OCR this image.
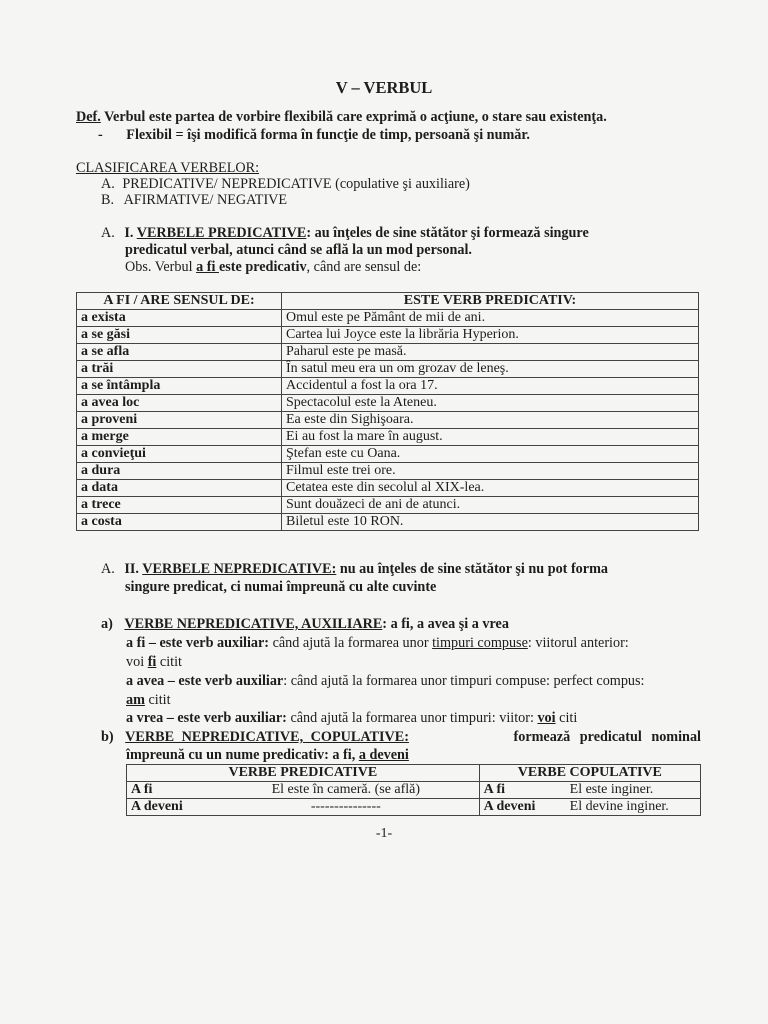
V – VERBUL
Def. Verbul este partea de vorbire flexibilă care exprimă o acţiune, o stare sau existenţa.
- Flexibil = îşi modifică forma în funcţie de timp, persoană şi număr.
CLASIFICAREA VERBELOR:
A. PREDICATIVE/ NEPREDICATIVE (copulative şi auxiliare)
B. AFIRMATIVE/ NEGATIVE
A. I. VERBELE PREDICATIVE: au înţeles de sine stătător şi formează singure
predicatul verbal, atunci când se află la un mod personal.
Obs. Verbul a fi este predicativ, când are sensul de:
A FI / ARE SENSUL DE:	ESTE VERB PREDICATIV:
a exista	Omul este pe Pământ de mii de ani.
a se găsi	Cartea lui Joyce este la librăria Hyperion.
a se afla	Paharul este pe masă.
a trăi	În satul meu era un om grozav de leneş.
a se întâmpla	Accidentul a fost la ora 17.
a avea loc	Spectacolul este la Ateneu.
a proveni	Ea este din Sighişoara.
a merge	Ei au fost la mare în august.
a convieţui	Ştefan este cu Oana.
a dura	Filmul este trei ore.
a data	Cetatea este din secolul al XIX-lea.
a trece	Sunt douăzeci de ani de atunci.
a costa	Biletul este 10 RON.
A. II. VERBELE NEPREDICATIVE: nu au înţeles de sine stătător şi nu pot forma
singure predicat, ci numai împreună cu alte cuvinte
a) VERBE NEPREDICATIVE, AUXILIARE: a fi, a avea şi a vrea
a fi – este verb auxiliar: când ajută la formarea unor timpuri compuse: viitorul anterior:
voi fi citit
a avea – este verb auxiliar: când ajută la formarea unor timpuri compuse: perfect compus:
am citit
a vrea – este verb auxiliar: când ajută la formarea unor timpuri: viitor: voi citi
b) VERBE NEPREDICATIVE, COPULATIVE:	formează predicatul nominal
împreună cu un nume predicativ: a fi, a deveni
VERBE PREDICATIVE		VERBE COPULATIVE	
A fi	El este în cameră. (se află)	A fi	El este inginer.
A deveni	---------------	A deveni	El devine inginer.
-1-
